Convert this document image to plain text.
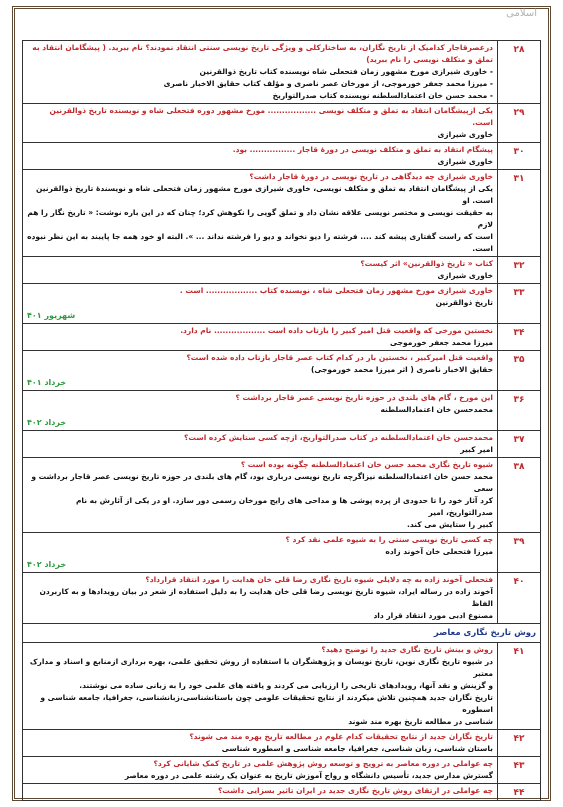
اسلامی
۲۸	درعصرقاجار کدامیک از تاریخ نگاران، به ساختارکلی و ویژگی تاریخ نویسی سنتی انتقاد نمودند؟ نام ببرید. ( پیشگامان انتقاد به تملق و متکلف نویسی را نام ببرید)
- خاوری شیرازی مورخ مشهور زمان فتحعلی شاه نویسنده کتاب تاریخ ذوالقرنین
- میرزا محمد جعفر خورموجی، از مورخان عصر ناصری و مؤلف کتاب حقایق الاخبار ناصری
- محمد حسن خان اعتمادالسلطنه نویسنده کتاب صدرالتواریخ

۲۹	یکی ازپیشگامان انتقاد به تملق و متکلف نویسی ................. مورخ مشهور دوره فتحعلی شاه و نویسنده تاریخ ذوالقرنین است.
خاوری شیرازی

۳۰	پیشگام انتقاد به تملق و متکلف نویسی در دورۀ قاجار ................ بود.
خاوری شیرازی

۳۱	خاوری شیرازی چه دیدگاهی در تاریخ نویسی در دورۀ قاجار داشت؟
یکی از پیشگامان انتقاد به تملق و متکلف نویسی، خاوری شیرازی مورخ مشهور زمان فتحعلی شاه و نویسندۀ تاریخ ذوالقرنین است. او
به حقیقت نویسی و مختصر نویسی علاقه نشان داد و تملق گویی را نکوهش کرد؛ چنان که در این باره نوشت: « تاریخ نگار را هم لازم
است که راست گفتاری پیشه کند .... فرشته را دیو نخواند و دیو را فرشته نداند ... ». البته او خود همه جا پایبند به این نظر نبوده است.

۳۲	کتاب « تاریخ ذوالقرنین» اثر کیست؟
خاوری شیرازی

۳۳	خاوری شیرازی مورخ مشهور زمان فتحعلی شاه ، نویسنده کتاب .................. است .
تاریخ ذوالقرنین
شهریور ۴۰۱

۳۴	نخستین مورخی که واقعیت قتل امیر کبیر را بازتاب داده است .................. نام دارد.
میرزا محمد جعفر خورموجی

۳۵	واقعیت قتل امیرکبیر ، نخستین بار در کدام کتاب عصر قاجار بازتاب داده شده است؟
حقایق الاخبار ناصری ( اثر میرزا محمد خورموجی)
خرداد ۴۰۱

۳۶	این مورخ ، گام های بلندی در حوزه تاریخ نویسی عصر قاجار برداشت ؟
محمدحسن خان اعتمادالسلطنه
خرداد ۴۰۲

۳۷	محمدحسن خان اعتمادالسلطنه در کتاب صدرالتواریخ، ازچه کسی ستایش کرده است؟
امیر کبیر

۳۸	شیوه تاریخ نگاری محمد حسن خان اعتمادالسلطنه چگونه بوده است ؟
محمد حسن خان اعتمادالسلطنه نیزاگرچه تاریخ نویسی درباری بود، گام های بلندی در حوزه تاریخ نویسی عصر قاجار برداشت و سعی
کرد آثار خود را تا حدودی از پرده پوشی ها و مداحی های رایج مورخان رسمی دور سازد. او در یکی از آثارش به نام صدرالتواریخ، امیر
کبیر را ستایش می کند.

۳۹	چه کسی تاریخ نویسی سنتی را به شیوه علمی نقد کرد ؟
میرزا فتحعلی خان آخوند زاده
خرداد ۴۰۲

۴۰	فتحعلی آخوند زاده به چه دلایلی شیوه تاریخ نگاری رضا قلی خان هدایت را مورد انتقاد قرارداد؟
آخوند زاده در رساله ایراد، شیوه تاریخ نویسی رضا قلی خان هدایت را به دلیل استفاده از شعر در بیان رویدادها و به کاربردن الفاظ
مصنوع ادبی مورد انتقاد قرار داد

روش تاریخ نگاری معاصر	
۴۱	روش و بینش تاریخ نگاری جدید را توضیح دهید؟
در شیوه تاریخ نگاری نوین، تاریخ نویسان و پژوهشگران با استفاده از روش تحقیق علمی، بهره برداری ازمنابع و اسناد و مدارک معتبر
و گزینش و نقد آنها، رویدادهای تاریخی را ارزیابی می کردند و یافته های علمی خود را به زبانی ساده می نوشتند.
تاریخ نگاران جدید همچنین تلاش میکردند از نتایج تحقیقات علومی چون باستانشناسی،زبانشناسی، جغرافیا، جامعه شناسی و اسطوره
شناسی در مطالعه تاریخ بهره مند شوند

۴۲	تاریخ نگاران جدید از نتایج تحقیقات کدام علوم در مطالعه تاریخ بهره مند می شوند؟
باستان شناسی، زبان شناسی، جغرافیا، جامعه شناسی و اسطوره شناسی

۴۳	چه عواملی در دوره معاصر به ترویج و توسعه روش پژوهش علمی در تاریخ کمک شایانی کرد؟
گسترش مدارس جدید، تأسیس دانشگاه و رواج آموزش تاریخ به عنوان یک رشته علمی در دوره معاصر

۴۴	چه عواملی در ارتقای روش تاریخ نگاری جدید در ایران تاثیر بسزایی داشت؟
